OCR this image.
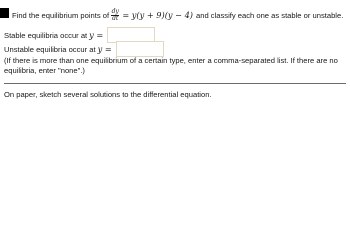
Find the equilibrium points of $\frac{dy}{dt} = y(y + 9)(y - 4)$ and classify each one as stable or unstable.
Stable equilibria occur at y =
Unstable equilibria occur at y =
(If there is more than one equilibrium of a certain type, enter a comma-separated list. If there are no equilibria, enter "none".)
On paper, sketch several solutions to the differential equation.
